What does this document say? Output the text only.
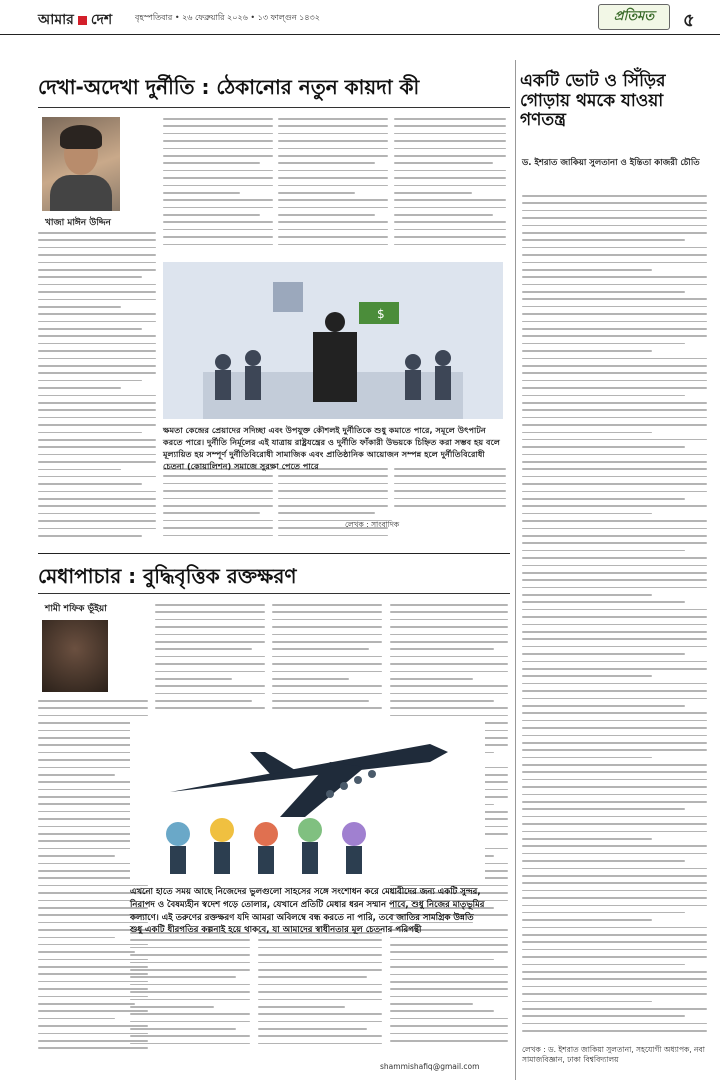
আমার দেশ	বৃহস্পতিবার • ২৬ ফেব্রুয়ারি ২০২৬ • ১৩ ফাল্গুন ১৪৩২	প্রতিমত	৫
দেখা-অদেখা দুর্নীতি : ঠেকানোর নতুন কায়দা কী
খাজা মাঈন উদ্দিন
$
ক্ষমতা কেন্দ্রের প্রেয়াদের সদিচ্ছা এবং উপযুক্ত কৌশলই দুর্নীতিকে শুধু কমাতে পারে, সমূলে উৎপাটন করতে পারে। দুর্নীতি নির্মূলের এই যাত্রায় রাষ্ট্রযন্ত্রের ও দুর্নীতি ফাঁকারী উভয়কে চিহ্নিত করা সম্ভব হয় বলে মূল্যায়িত হয় সম্পূর্ণ দুর্নীতিবিরোধী সামাজিক এবং প্রাতিষ্ঠানিক আয়োজন সম্পন্ন হলে দুর্নীতিবিরোধী চেতনা (কোয়ালিশন) সমাজে সুরক্ষা পেতে পারে
লেখক : সাংবাদিক
একটি ভোট ও সিঁড়ির গোড়ায় থমকে যাওয়া গণতন্ত্র
ড. ইশরাত জাকিয়া সুলতানা ও ইন্তিতা কাজরী চৌতি
লেখক : ড. ইশরাত জাকিয়া সুলতানা, সহযোগী অধ্যাপক, নবা সামাজবিজ্ঞান, ঢাকা বিশ্ববিদ্যালয়
মেধাপাচার : বুদ্ধিবৃত্তিক রক্তক্ষরণ
শামী শফিক ভূঁইয়া
এখনো হাতে সময় আছে নিজেদের ভুলগুলো সাহসের সঙ্গে সংশোধন করে মেধাবীদের জন্য একটি সুন্দর, নিরাপদ ও বৈষম্যহীন স্বদেশ গড়ে তোলার, যেখানে প্রতিটি মেধার ধরন সম্মান পাবে, শুধু নিজের মাতৃভূমির কল্যাণে। এই তরুণের রক্তক্ষরণ যদি আমরা অবিলম্বে বন্ধ করতে না পারি, তবে জাতির সামগ্রিক উন্নতি শুধু একটি ধীরগতির কল্পনাই হয়ে থাকবে, যা আমাদের স্বাধীনতার মূল চেতনার পরিপন্থী
shammishafiq@gmail.com
